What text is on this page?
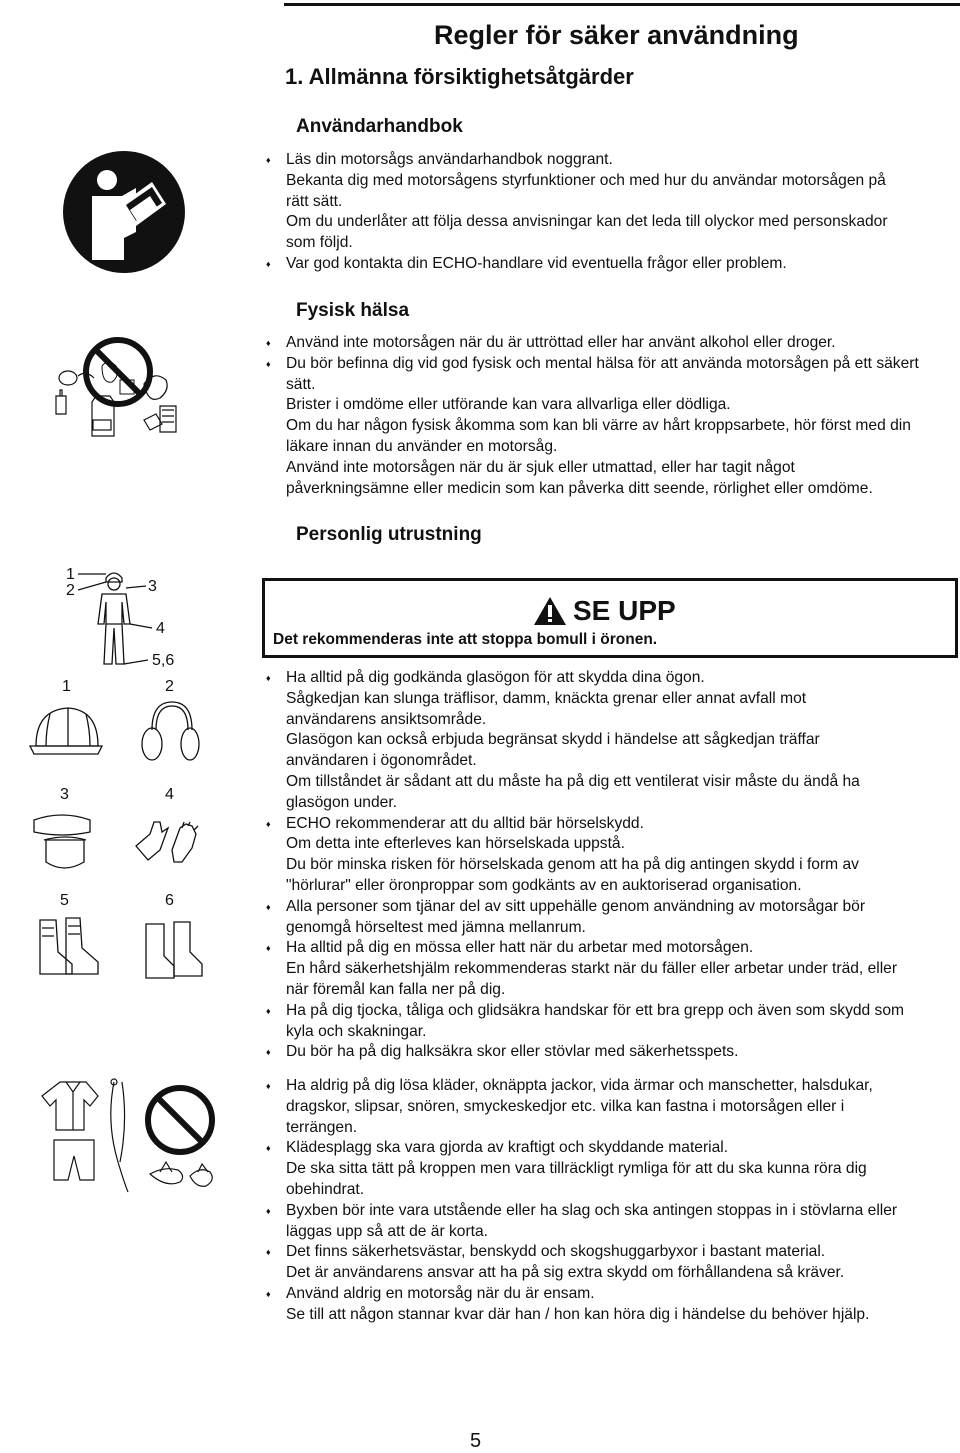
Regler för säker användning
1. Allmänna försiktighetsåtgärder
Användarhandbok
♦ Läs din motorsågs användarhandbok noggrant.
Bekanta dig med motorsågens styrfunktioner och med hur du användar motorsågen på
rätt sätt.
Om du underlåter att följa dessa anvisningar kan det leda till olyckor med personskador
som följd.
♦ Var god kontakta din ECHO-handlare vid eventuella frågor eller problem.
Fysisk hälsa
♦ Använd inte motorsågen när du är uttröttad eller har använt alkohol eller droger.
♦ Du bör befinna dig vid god fysisk och mental hälsa för att använda motorsågen på ett säkert
sätt.
Brister i omdöme eller utförande kan vara allvarliga eller dödliga.
Om du har någon fysisk åkomma som kan bli värre av hårt kroppsarbete, hör först med din
läkare innan du använder en motorsåg.
Använd inte motorsågen när du är sjuk eller utmattad, eller har tagit något
påverkningsämne eller medicin som kan påverka ditt seende, rörlighet eller omdöme.
Personlig utrustning
1
2	3
4
5,6
1	2
3	4
5	6
SE UPP
Det rekommenderas inte att stoppa bomull i öronen.
♦ Ha alltid på dig godkända glasögon för att skydda dina ögon.
Sågkedjan kan slunga träflisor, damm, knäckta grenar eller annat avfall mot
användarens ansiktsområde.
Glasögon kan också erbjuda begränsat skydd i händelse att sågkedjan träffar
användaren i ögonområdet.
Om tillståndet är sådant att du måste ha på dig ett ventilerat visir måste du ändå ha
glasögon under.
♦ ECHO rekommenderar att du alltid bär hörselskydd.
Om detta inte efterleves kan hörselskada uppstå.
Du bör minska risken för hörselskada genom att ha på dig antingen skydd i form av
"hörlurar" eller öronproppar som godkänts av en auktoriserad organisation.
♦ Alla personer som tjänar del av sitt uppehälle genom användning av motorsågar bör
genomgå hörseltest med jämna mellanrum.
♦ Ha alltid på dig en mössa eller hatt när du arbetar med motorsågen.
En hård säkerhetshjälm rekommenderas starkt när du fäller eller arbetar under träd, eller
när föremål kan falla ner på dig.
♦ Ha på dig tjocka, tåliga och glidsäkra handskar för ett bra grepp och även som skydd som
kyla och skakningar.
♦ Du bör ha på dig halksäkra skor eller stövlar med säkerhetsspets.
♦ Ha aldrig på dig lösa kläder, oknäppta jackor, vida ärmar och manschetter, halsdukar,
dragskor, slipsar, snören, smyckeskedjor etc. vilka kan fastna i motorsågen eller i
terrängen.
♦ Klädesplagg ska vara gjorda av kraftigt och skyddande material.
De ska sitta tätt på kroppen men vara tillräckligt rymliga för att du ska kunna röra dig
obehindrat.
♦ Byxben bör inte vara utstående eller ha slag och ska antingen stoppas in i stövlarna eller
läggas upp så att de är korta.
♦ Det finns säkerhetsvästar, benskydd och skogshuggarbyxor i bastant material.
Det är användarens ansvar att ha på sig extra skydd om förhållandena så kräver.
♦ Använd aldrig en motorsåg när du är ensam.
Se till att någon stannar kvar där han / hon kan höra dig i händelse du behöver hjälp.
5
